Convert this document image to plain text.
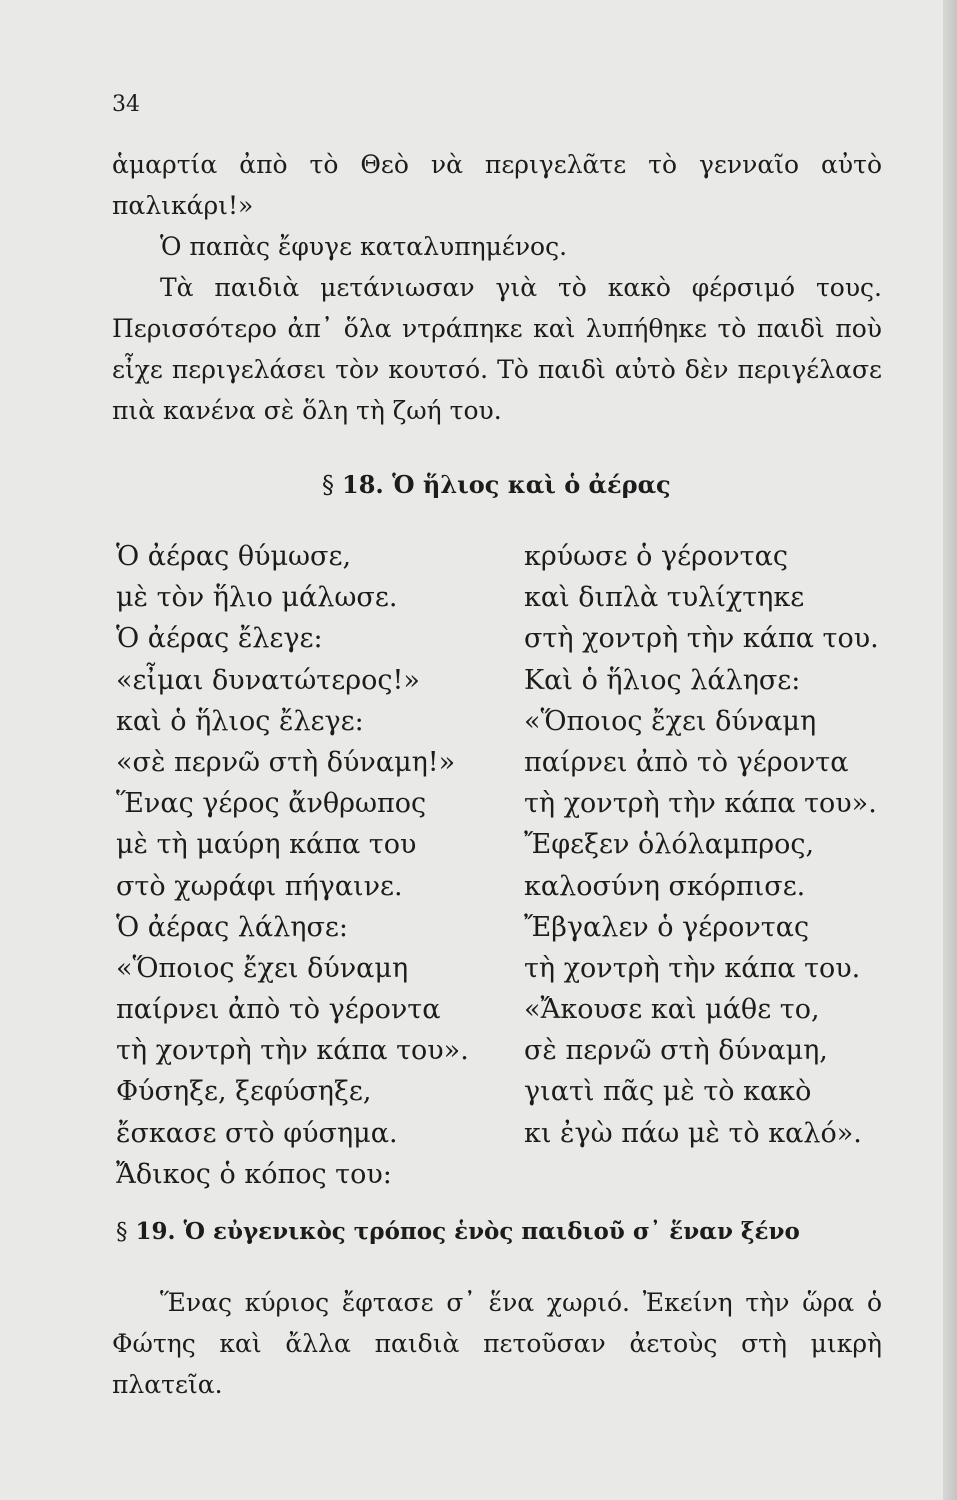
34

ἁμαρτία ἀπὸ τὸ Θεὸ νὰ περιγελᾶτε τὸ γενναῖο αὐτὸ παλικάρι!»

Ὁ παπὰς ἔφυγε καταλυπημένος.

Τὰ παιδιὰ μετάνιωσαν γιὰ τὸ κακὸ φέρσιμό τους. Περισσότερο ἀπ᾽ ὅλα ντράπηκε καὶ λυπήθηκε τὸ παιδὶ ποὺ εἶχε περιγελάσει τὸν κουτσό. Τὸ παιδὶ αὐτὸ δὲν περιγέλασε πιὰ κανένα σὲ ὅλη τὴ ζωή του.

§ 18. Ὁ ἥλιος καὶ ὁ ἀέρας
Ὁ ἀέρας θύμωσε,
μὲ τὸν ἥλιο μάλωσε.
Ὁ ἀέρας ἔλεγε:
«εἶμαι δυνατώτερος!»
καὶ ὁ ἥλιος ἔλεγε:
«σὲ περνῶ στὴ δύναμη!»
Ἕνας γέρος ἄνθρωπος
μὲ τὴ μαύρη κάπα του
στὸ χωράφι πήγαινε.
Ὁ ἀέρας λάλησε:
«Ὅποιος ἔχει δύναμη
παίρνει ἀπὸ τὸ γέροντα
τὴ χοντρὴ τὴν κάπα του».
Φύσηξε, ξεφύσηξε,
ἔσκασε στὸ φύσημα.
Ἄδικος ὁ κόπος του:
κρύωσε ὁ γέροντας
καὶ διπλὰ τυλίχτηκε
στὴ χοντρὴ τὴν κάπα του.
Καὶ ὁ ἥλιος λάλησε:
«Ὅποιος ἔχει δύναμη
παίρνει ἀπὸ τὸ γέροντα
τὴ χοντρὴ τὴν κάπα του».
Ἔφεξεν ὁλόλαμπρος,
καλοσύνη σκόρπισε.
Ἔβγαλεν ὁ γέροντας
τὴ χοντρὴ τὴν κάπα του.
«Ἄκουσε καὶ μάθε το,
σὲ περνῶ στὴ δύναμη,
γιατὶ πᾶς μὲ τὸ κακὸ
κι ἐγὼ πάω μὲ τὸ καλό».
§ 19. Ὁ εὐγενικὸς τρόπος ἑνὸς παιδιοῦ σ᾽ ἕναν ξένο

Ἕνας κύριος ἔφτασε σ᾽ ἕνα χωριό. Ἐκείνη τὴν ὥρα ὁ Φώτης καὶ ἄλλα παιδιὰ πετοῦσαν ἀετοὺς στὴ μικρὴ πλατεῖα.
